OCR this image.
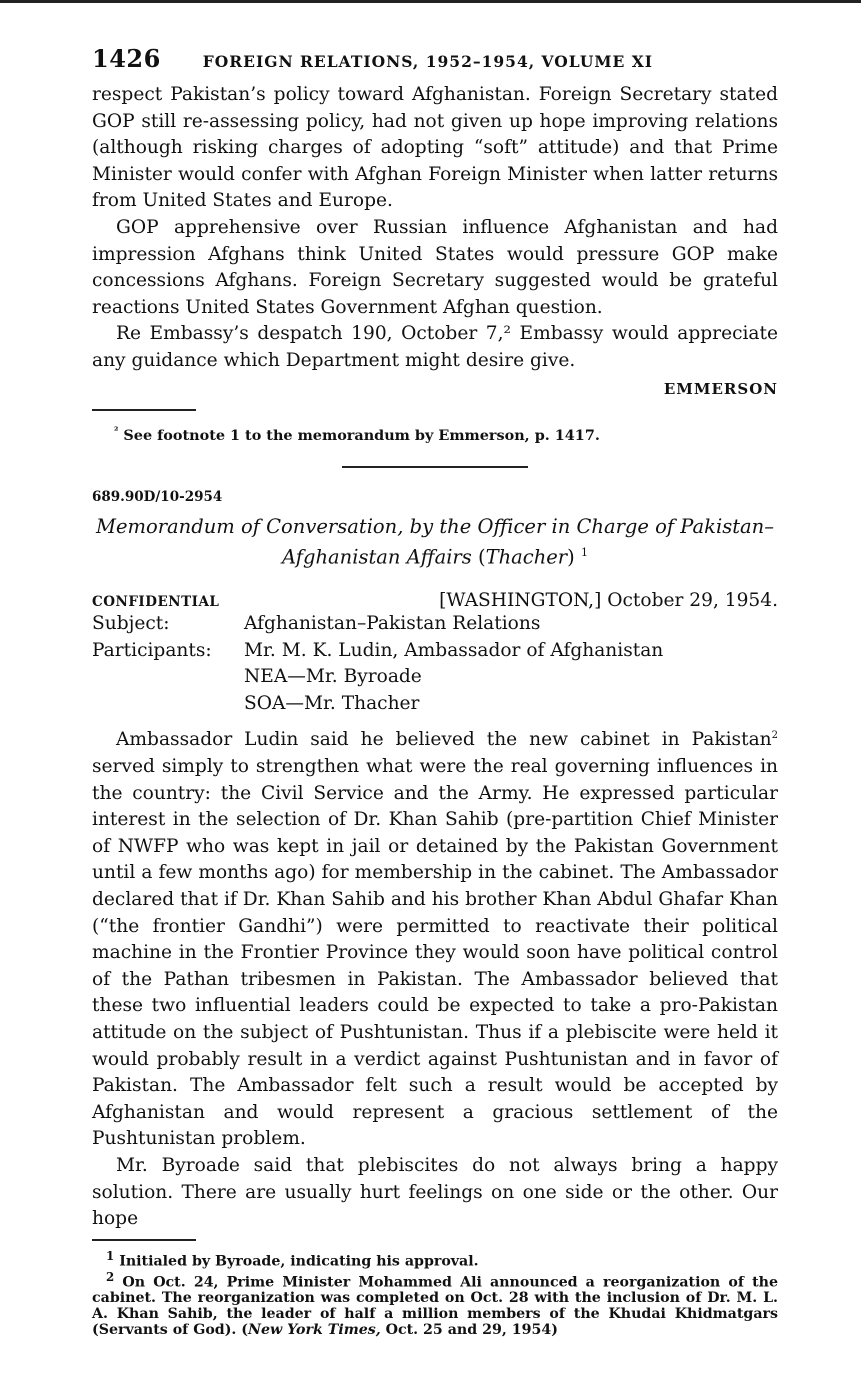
1426	FOREIGN RELATIONS, 1952–1954, VOLUME XI

respect Pakistan’s policy toward Afghanistan. Foreign Secretary stated GOP still re-assessing policy, had not given up hope improving relations (although risking charges of adopting “soft” attitude) and that Prime Minister would confer with Afghan Foreign Minister when latter returns from United States and Europe.

GOP apprehensive over Russian influence Afghanistan and had impression Afghans think United States would pressure GOP make concessions Afghans. Foreign Secretary suggested would be grateful reactions United States Government Afghan question.

Re Embassy’s despatch 190, October 7,² Embassy would appreciate any guidance which Department might desire give.

EMMERSON

$^{^2}$ See footnote 1 to the memorandum by Emmerson, p. 1417.

689.90D/10-2954
Memorandum of Conversation, by the Officer in Charge of Pakistan–
Afghanistan Affairs (Thacher) $^1$
CONFIDENTIAL	[WASHINGTON,] October 29, 1954.
Subject:	Afghanistan–Pakistan Relations
Participants:	Mr. M. K. Ludin, Ambassador of Afghanistan
NEA—Mr. Byroade
SOA—Mr. Thacher

Ambassador Ludin said he believed the new cabinet in Pakistan$^2$ served simply to strengthen what were the real governing influences in the country: the Civil Service and the Army. He expressed particular interest in the selection of Dr. Khan Sahib (pre-partition Chief Minister of NWFP who was kept in jail or detained by the Pakistan Government until a few months ago) for membership in the cabinet. The Ambassador declared that if Dr. Khan Sahib and his brother Khan Abdul Ghafar Khan (“the frontier Gandhi”) were permitted to reactivate their political machine in the Frontier Province they would soon have political control of the Pathan tribesmen in Pakistan. The Ambassador believed that these two influential leaders could be expected to take a pro-Pakistan attitude on the subject of Pushtunistan. Thus if a plebiscite were held it would probably result in a verdict against Pushtunistan and in favor of Pakistan. The Ambassador felt such a result would be accepted by Afghanistan and would represent a gracious settlement of the Pushtunistan problem.

Mr. Byroade said that plebiscites do not always bring a happy solution. There are usually hurt feelings on one side or the other. Our hope

$^1$ Initialed by Byroade, indicating his approval.

$^2$ On Oct. 24, Prime Minister Mohammed Ali announced a reorganization of the cabinet. The reorganization was completed on Oct. 28 with the inclusion of Dr. M. L. A. Khan Sahib, the leader of half a million members of the Khudai Khidmatgars (Servants of God). (New York Times, Oct. 25 and 29, 1954)
